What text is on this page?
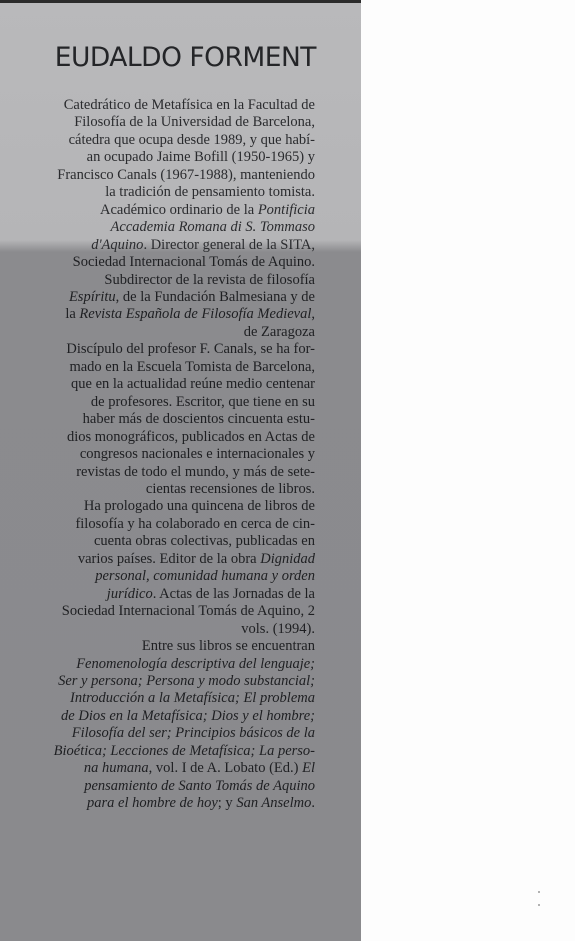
EUDALDO FORMENT
Catedrático de Metafísica en la Facultad de
Filosofía de la Universidad de Barcelona,
cátedra que ocupa desde 1989, y que habí-
an ocupado Jaime Bofill (1950-1965) y
Francisco Canals (1967-1988), manteniendo
la tradición de pensamiento tomista.
Académico ordinario de la Pontificia
Accademia Romana di S. Tommaso
d'Aquino. Director general de la SITA,
Sociedad Internacional Tomás de Aquino.
Subdirector de la revista de filosofía
Espíritu, de la Fundación Balmesiana y de
la Revista Española de Filosofía Medieval,
de Zaragoza
Discípulo del profesor F. Canals, se ha for-
mado en la Escuela Tomista de Barcelona,
que en la actualidad reúne medio centenar
de profesores. Escritor, que tiene en su
haber más de doscientos cincuenta estu-
dios monográficos, publicados en Actas de
congresos nacionales e internacionales y
revistas de todo el mundo, y más de sete-
cientas recensiones de libros.
Ha prologado una quincena de libros de
filosofía y ha colaborado en cerca de cin-
cuenta obras colectivas, publicadas en
varios países. Editor de la obra Dignidad
personal, comunidad humana y orden
jurídico. Actas de las Jornadas de la
Sociedad Internacional Tomás de Aquino, 2
vols. (1994).
Entre sus libros se encuentran
Fenomenología descriptiva del lenguaje;
Ser y persona; Persona y modo substancial;
Introducción a la Metafísica; El problema
de Dios en la Metafísica; Dios y el hombre;
Filosofía del ser; Principios básicos de la
Bioética; Lecciones de Metafísica; La perso-
na humana, vol. I de A. Lobato (Ed.) El
pensamiento de Santo Tomás de Aquino
para el hombre de hoy; y San Anselmo.
